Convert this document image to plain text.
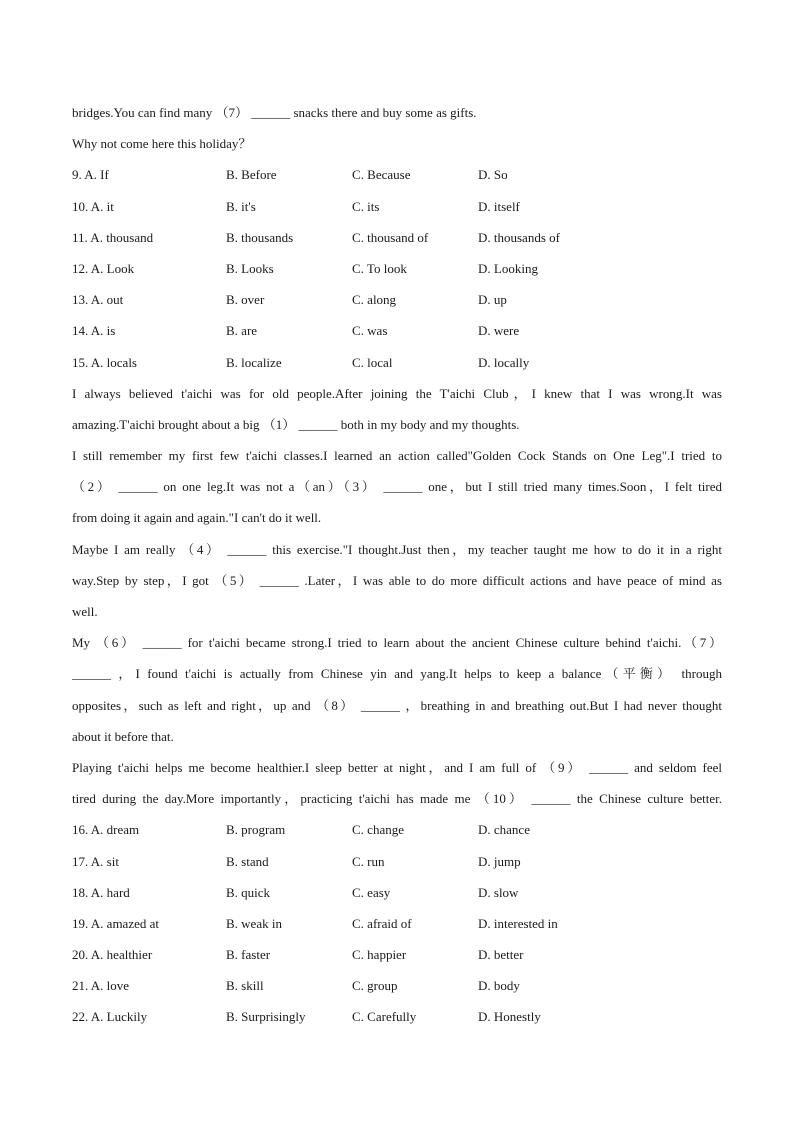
bridges.You can find many （7） ______ snacks there and buy some as gifts.
Why not come here this holiday？
9. A. If	B. Before	C. Because	D. So
10. A. it	B. it's	C. its	D. itself
11. A. thousand	B. thousands	C. thousand of	D. thousands of
12. A. Look	B. Looks	C. To look	D. Looking
13. A. out	B. over	C. along	D. up
14. A. is	B. are	C. was	D. were
15. A. locals	B. localize	C. local	D. locally
I always believed t'aichi was for old people.After joining the T'aichi Club，I knew that I was wrong.It was
amazing.T'aichi brought about a big （1） ______ both in my body and my thoughts.
I still remember my first few t'aichi classes.I learned an action called"Golden Cock Stands on One Leg".I tried to
（2） ______ on one leg.It was not a（an）（3） ______ one，but I still tried many times.Soon，I felt tired
from doing it again and again."I can't do it well.
Maybe I am really （4） ______ this exercise."I thought.Just then，my teacher taught me how to do it in a right
way.Step by step，I got （5） ______ .Later，I was able to do more difficult actions and have peace of mind as
well.
My （6） ______ for t'aichi became strong.I tried to learn about the ancient Chinese culture behind t'aichi.（7）
______ ，I found t'aichi is actually from Chinese yin and yang.It helps to keep a balance（平衡） through
opposites，such as left and right，up and （8） ______ ，breathing in and breathing out.But I had never thought
about it before that.
Playing t'aichi helps me become healthier.I sleep better at night，and I am full of （9） ______ and seldom feel
tired during the day.More importantly，practicing t'aichi has made me （10） ______ the Chinese culture better.
16. A. dream	B. program	C. change	D. chance
17. A. sit	B. stand	C. run	D. jump
18. A. hard	B. quick	C. easy	D. slow
19. A. amazed at	B. weak in	C. afraid of	D. interested in
20. A. healthier	B. faster	C. happier	D. better
21. A. love	B. skill	C. group	D. body
22. A. Luckily	B. Surprisingly	C. Carefully	D. Honestly
